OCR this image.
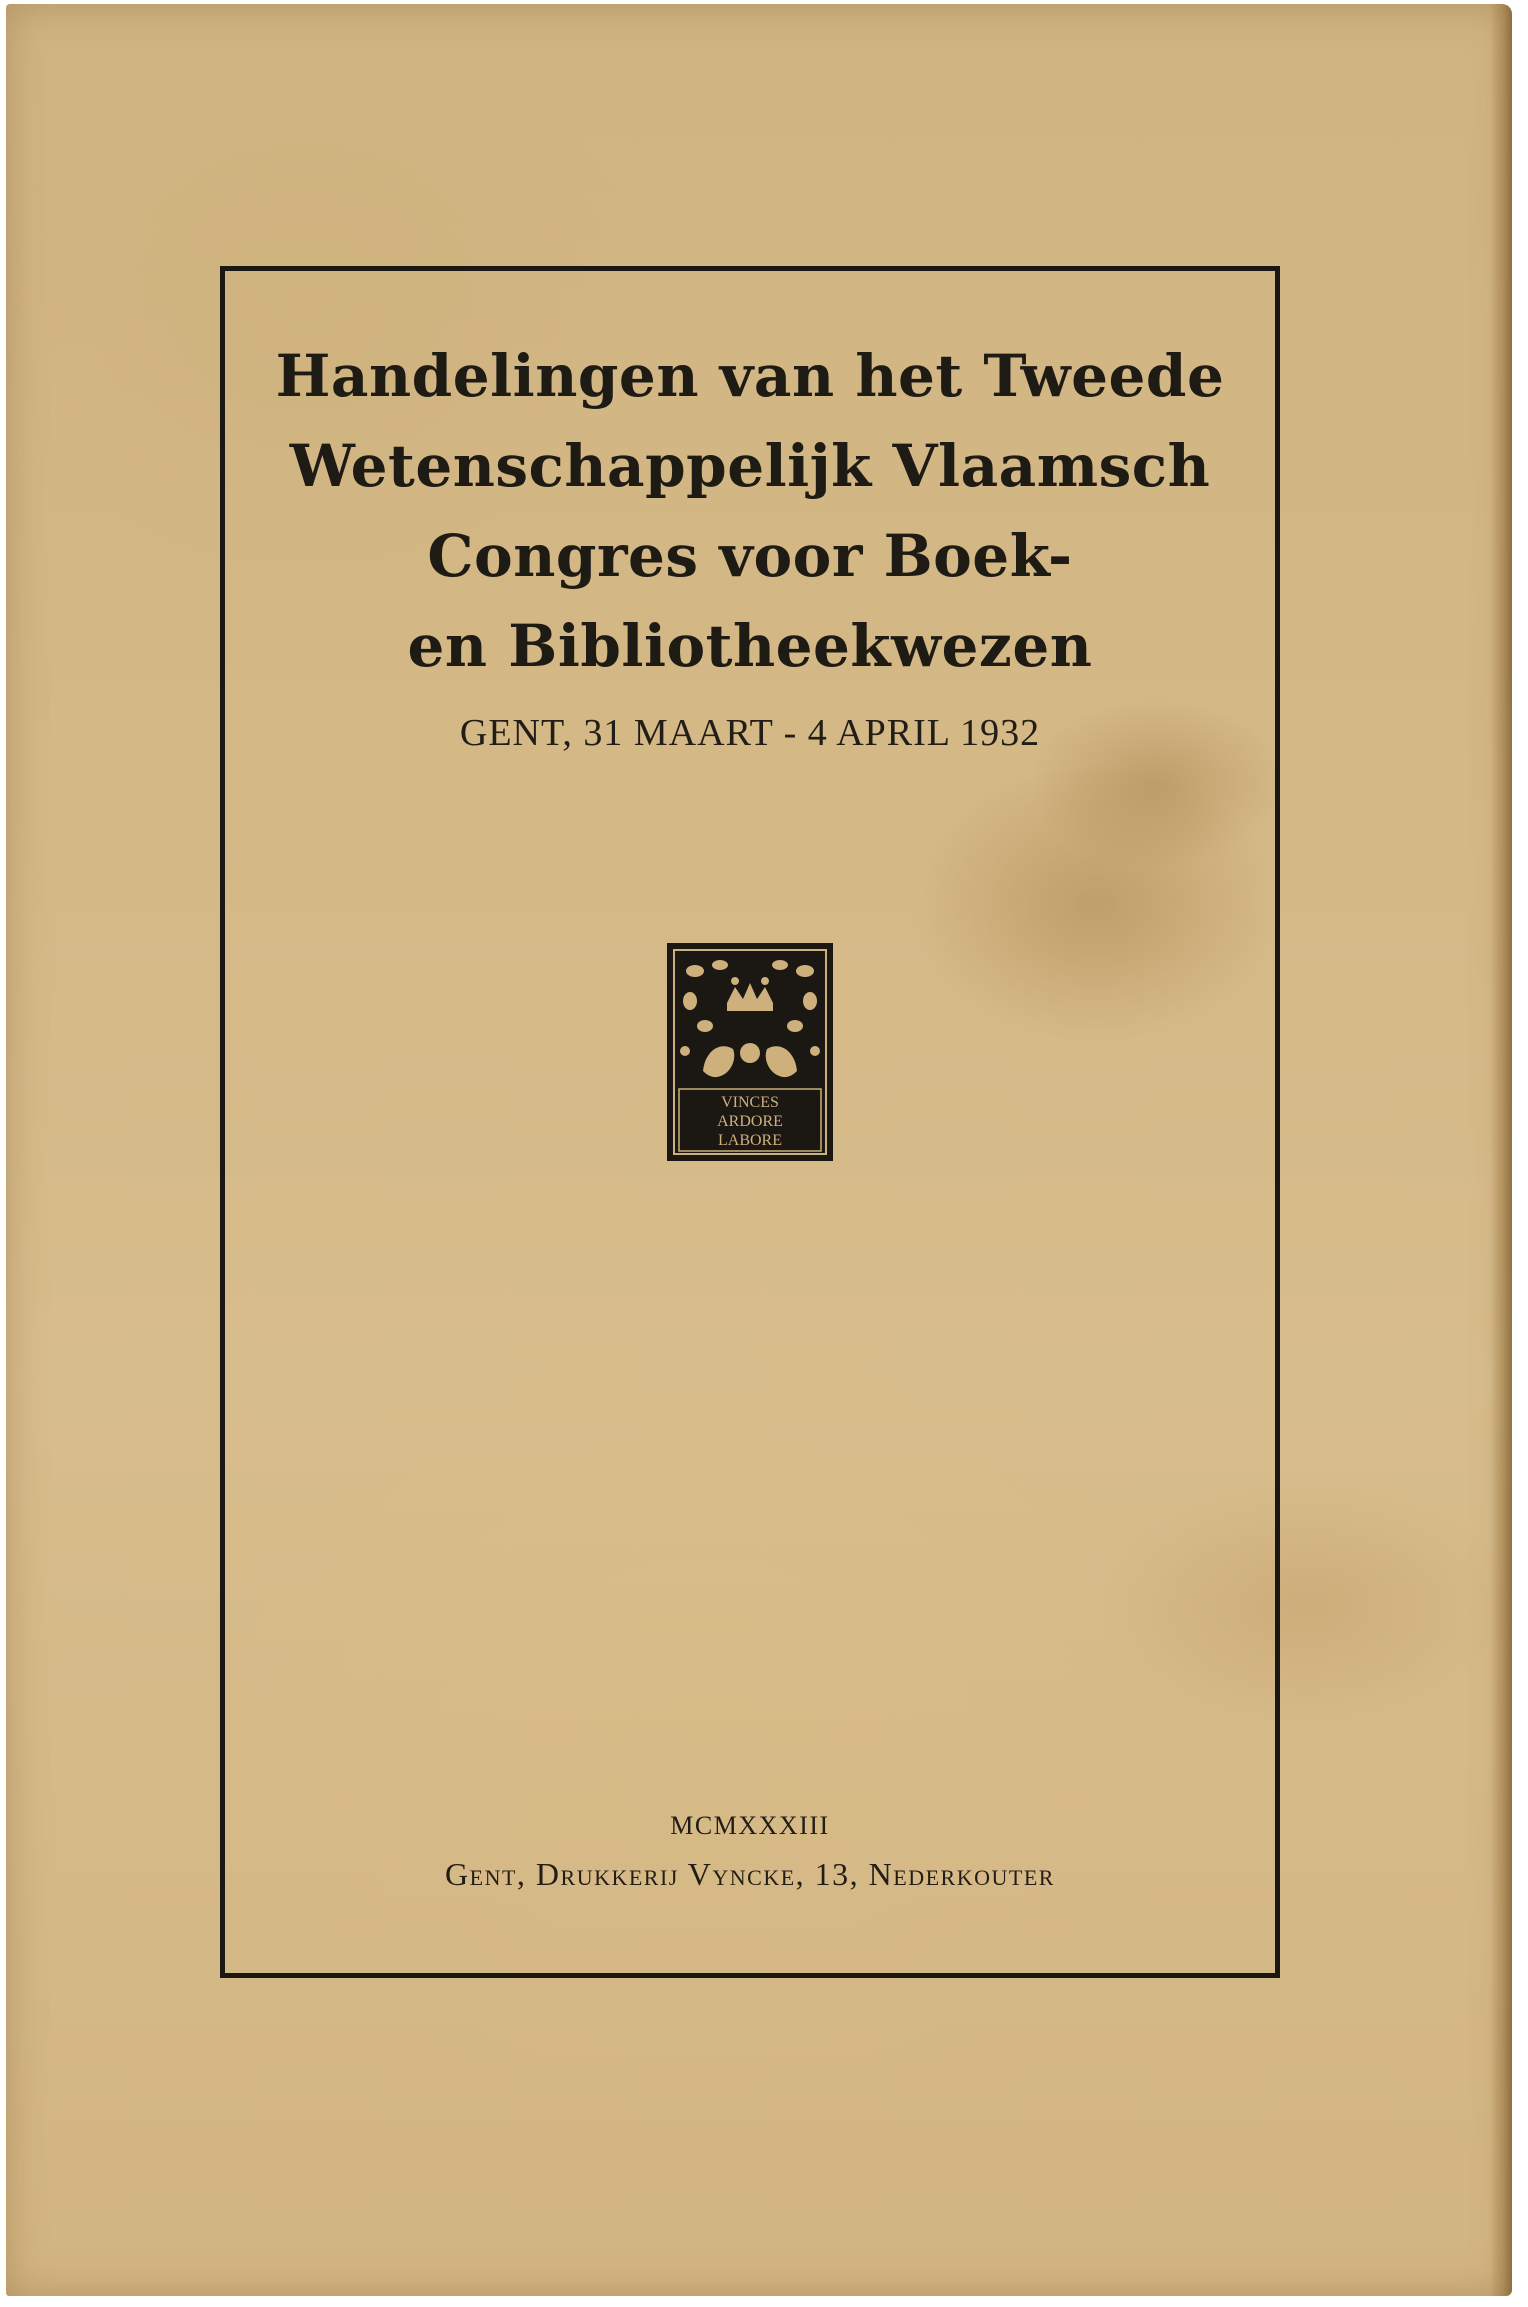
Handelingen van het Tweede
Wetenschappelijk Vlaamsch
Congres voor Boek-
en Bibliotheekwezen
GENT, 31 MAART - 4 APRIL 1932
VINCES
ARDORE
LABORE
MCMXXXIII
Gent, Drukkerij Vyncke, 13, Nederkouter
